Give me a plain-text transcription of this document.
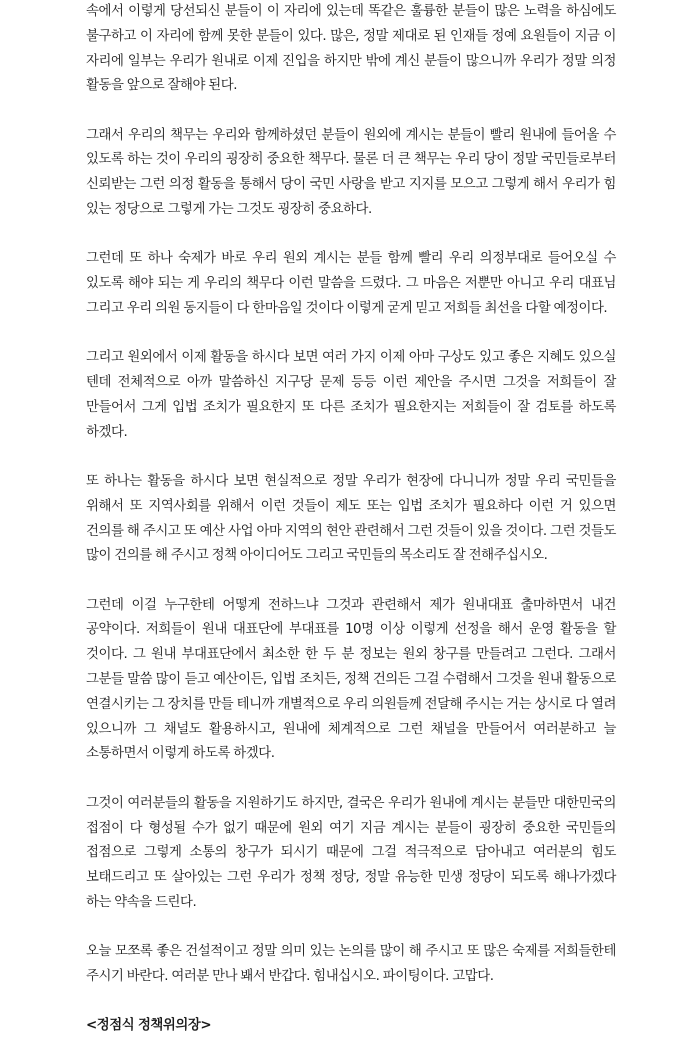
속에서 이렇게 당선되신 분들이 이 자리에 있는데 똑같은 훌륭한 분들이 많은 노력을 하심에도 불구하고 이 자리에 함께 못한 분들이 있다. 많은, 정말 제대로 된 인재들 정예 요원들이 지금 이 자리에 일부는 우리가 원내로 이제 진입을 하지만 밖에 계신 분들이 많으니까 우리가 정말 의정 활동을 앞으로 잘해야 된다.

그래서 우리의 책무는 우리와 함께하셨던 분들이 원외에 계시는 분들이 빨리 원내에 들어올 수 있도록 하는 것이 우리의 굉장히 중요한 책무다. 물론 더 큰 책무는 우리 당이 정말 국민들로부터 신뢰받는 그런 의정 활동을 통해서 당이 국민 사랑을 받고 지지를 모으고 그렇게 해서 우리가 힘 있는 정당으로 그렇게 가는 그것도 굉장히 중요하다.

그런데 또 하나 숙제가 바로 우리 원외 계시는 분들 함께 빨리 우리 의정부대로 들어오실 수 있도록 해야 되는 게 우리의 책무다 이런 말씀을 드렸다. 그 마음은 저뿐만 아니고 우리 대표님 그리고 우리 의원 동지들이 다 한마음일 것이다 이렇게 굳게 믿고 저희들 최선을 다할 예정이다.

그리고 원외에서 이제 활동을 하시다 보면 여러 가지 이제 아마 구상도 있고 좋은 지혜도 있으실 텐데 전체적으로 아까 말씀하신 지구당 문제 등등 이런 제안을 주시면 그것을 저희들이 잘 만들어서 그게 입법 조치가 필요한지 또 다른 조치가 필요한지는 저희들이 잘 검토를 하도록 하겠다.

또 하나는 활동을 하시다 보면 현실적으로 정말 우리가 현장에 다니니까 정말 우리 국민들을 위해서 또 지역사회를 위해서 이런 것들이 제도 또는 입법 조치가 필요하다 이런 거 있으면 건의를 해 주시고 또 예산 사업 아마 지역의 현안 관련해서 그런 것들이 있을 것이다. 그런 것들도 많이 건의를 해 주시고 정책 아이디어도 그리고 국민들의 목소리도 잘 전해주십시오.

그런데 이걸 누구한테 어떻게 전하느냐 그것과 관련해서 제가 원내대표 출마하면서 내건 공약이다. 저희들이 원내 대표단에 부대표를 10명 이상 이렇게 선정을 해서 운영 활동을 할 것이다. 그 원내 부대표단에서 최소한 한 두 분 정보는 원외 창구를 만들려고 그런다. 그래서 그분들 말씀 많이 듣고 예산이든, 입법 조치든, 정책 건의든 그걸 수렴해서 그것을 원내 활동으로 연결시키는 그 장치를 만들 테니까 개별적으로 우리 의원들께 전달해 주시는 거는 상시로 다 열려 있으니까 그 채널도 활용하시고, 원내에 체계적으로 그런 채널을 만들어서 여러분하고 늘 소통하면서 이렇게 하도록 하겠다.

그것이 여러분들의 활동을 지원하기도 하지만, 결국은 우리가 원내에 계시는 분들만 대한민국의 접점이 다 형성될 수가 없기 때문에 원외 여기 지금 계시는 분들이 굉장히 중요한 국민들의 접점으로 그렇게 소통의 창구가 되시기 때문에 그걸 적극적으로 담아내고 여러분의 힘도 보태드리고 또 살아있는 그런 우리가 정책 정당, 정말 유능한 민생 정당이 되도록 해나가겠다 하는 약속을 드린다.

오늘 모쪼록 좋은 건설적이고 정말 의미 있는 논의를 많이 해 주시고 또 많은 숙제를 저희들한테 주시기 바란다. 여러분 만나 봬서 반갑다. 힘내십시오. 파이팅이다. 고맙다.

<정점식 정책위의장>
